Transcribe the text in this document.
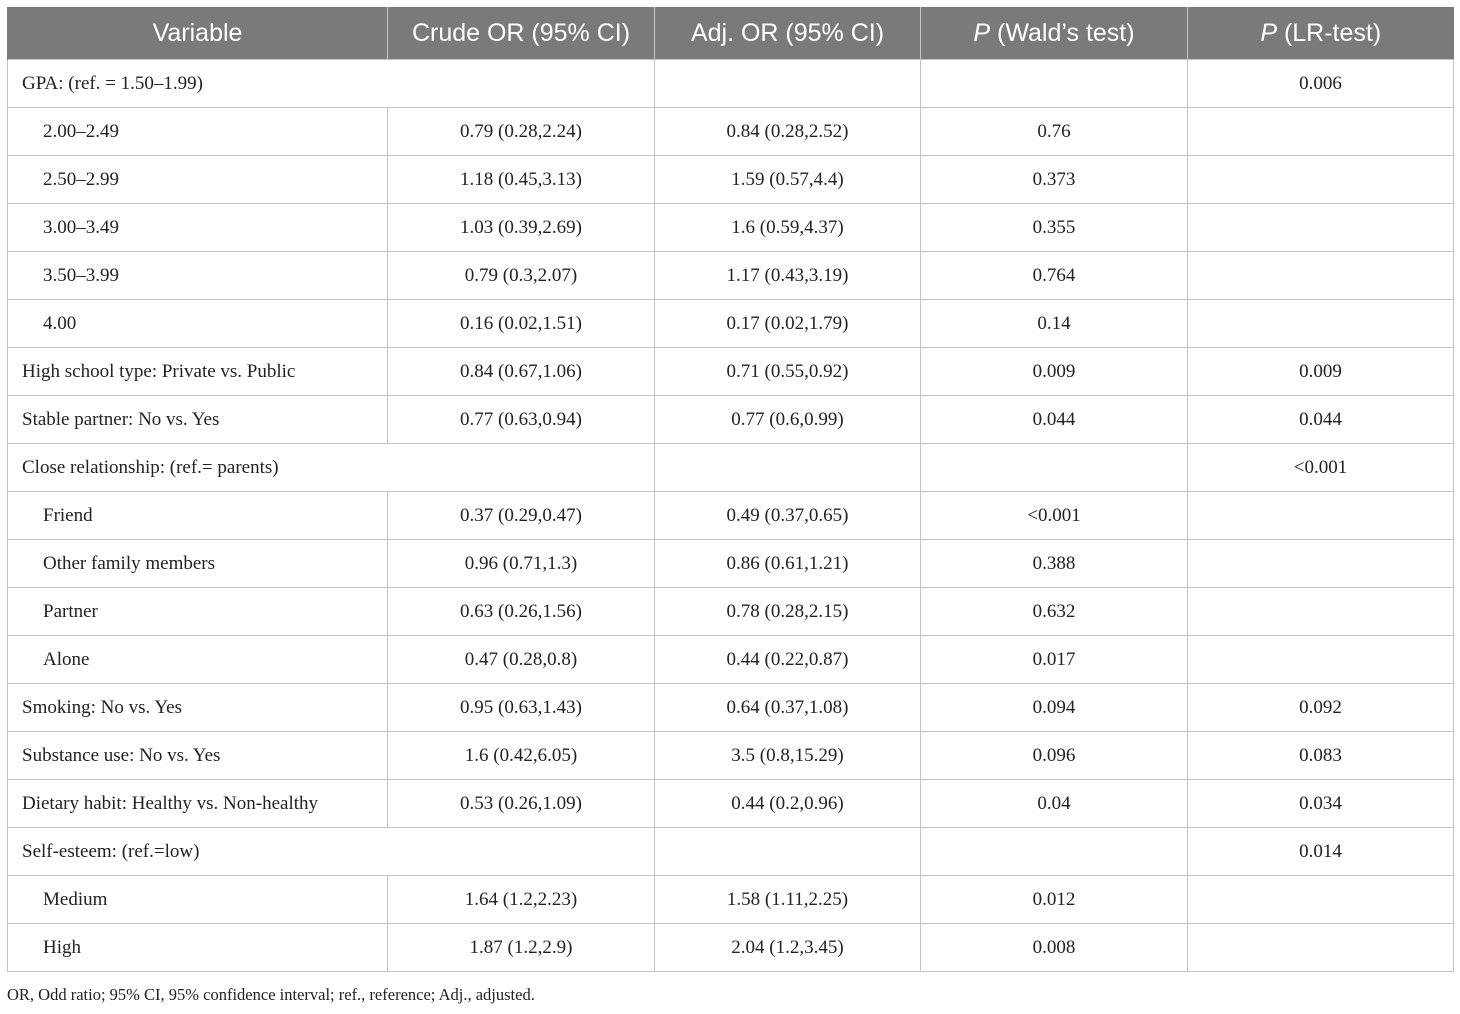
Variable	Crude OR (95% CI)	Adj. OR (95% CI)	P (Wald’s test)	P (LR-test)
GPA: (ref. = 1.50–1.99)				0.006
2.00–2.49	0.79 (0.28,2.24)	0.84 (0.28,2.52)	0.76	
2.50–2.99	1.18 (0.45,3.13)	1.59 (0.57,4.4)	0.373	
3.00–3.49	1.03 (0.39,2.69)	1.6 (0.59,4.37)	0.355	
3.50–3.99	0.79 (0.3,2.07)	1.17 (0.43,3.19)	0.764	
4.00	0.16 (0.02,1.51)	0.17 (0.02,1.79)	0.14	
High school type: Private vs. Public	0.84 (0.67,1.06)	0.71 (0.55,0.92)	0.009	0.009
Stable partner: No vs. Yes	0.77 (0.63,0.94)	0.77 (0.6,0.99)	0.044	0.044
Close relationship: (ref.= parents)				<0.001
Friend	0.37 (0.29,0.47)	0.49 (0.37,0.65)	<0.001	
Other family members	0.96 (0.71,1.3)	0.86 (0.61,1.21)	0.388	
Partner	0.63 (0.26,1.56)	0.78 (0.28,2.15)	0.632	
Alone	0.47 (0.28,0.8)	0.44 (0.22,0.87)	0.017	
Smoking: No vs. Yes	0.95 (0.63,1.43)	0.64 (0.37,1.08)	0.094	0.092
Substance use: No vs. Yes	1.6 (0.42,6.05)	3.5 (0.8,15.29)	0.096	0.083
Dietary habit: Healthy vs. Non-healthy	0.53 (0.26,1.09)	0.44 (0.2,0.96)	0.04	0.034
Self-esteem: (ref.=low)				0.014
Medium	1.64 (1.2,2.23)	1.58 (1.11,2.25)	0.012	
High	1.87 (1.2,2.9)	2.04 (1.2,3.45)	0.008	
OR, Odd ratio; 95% CI, 95% confidence interval; ref., reference; Adj., adjusted.
